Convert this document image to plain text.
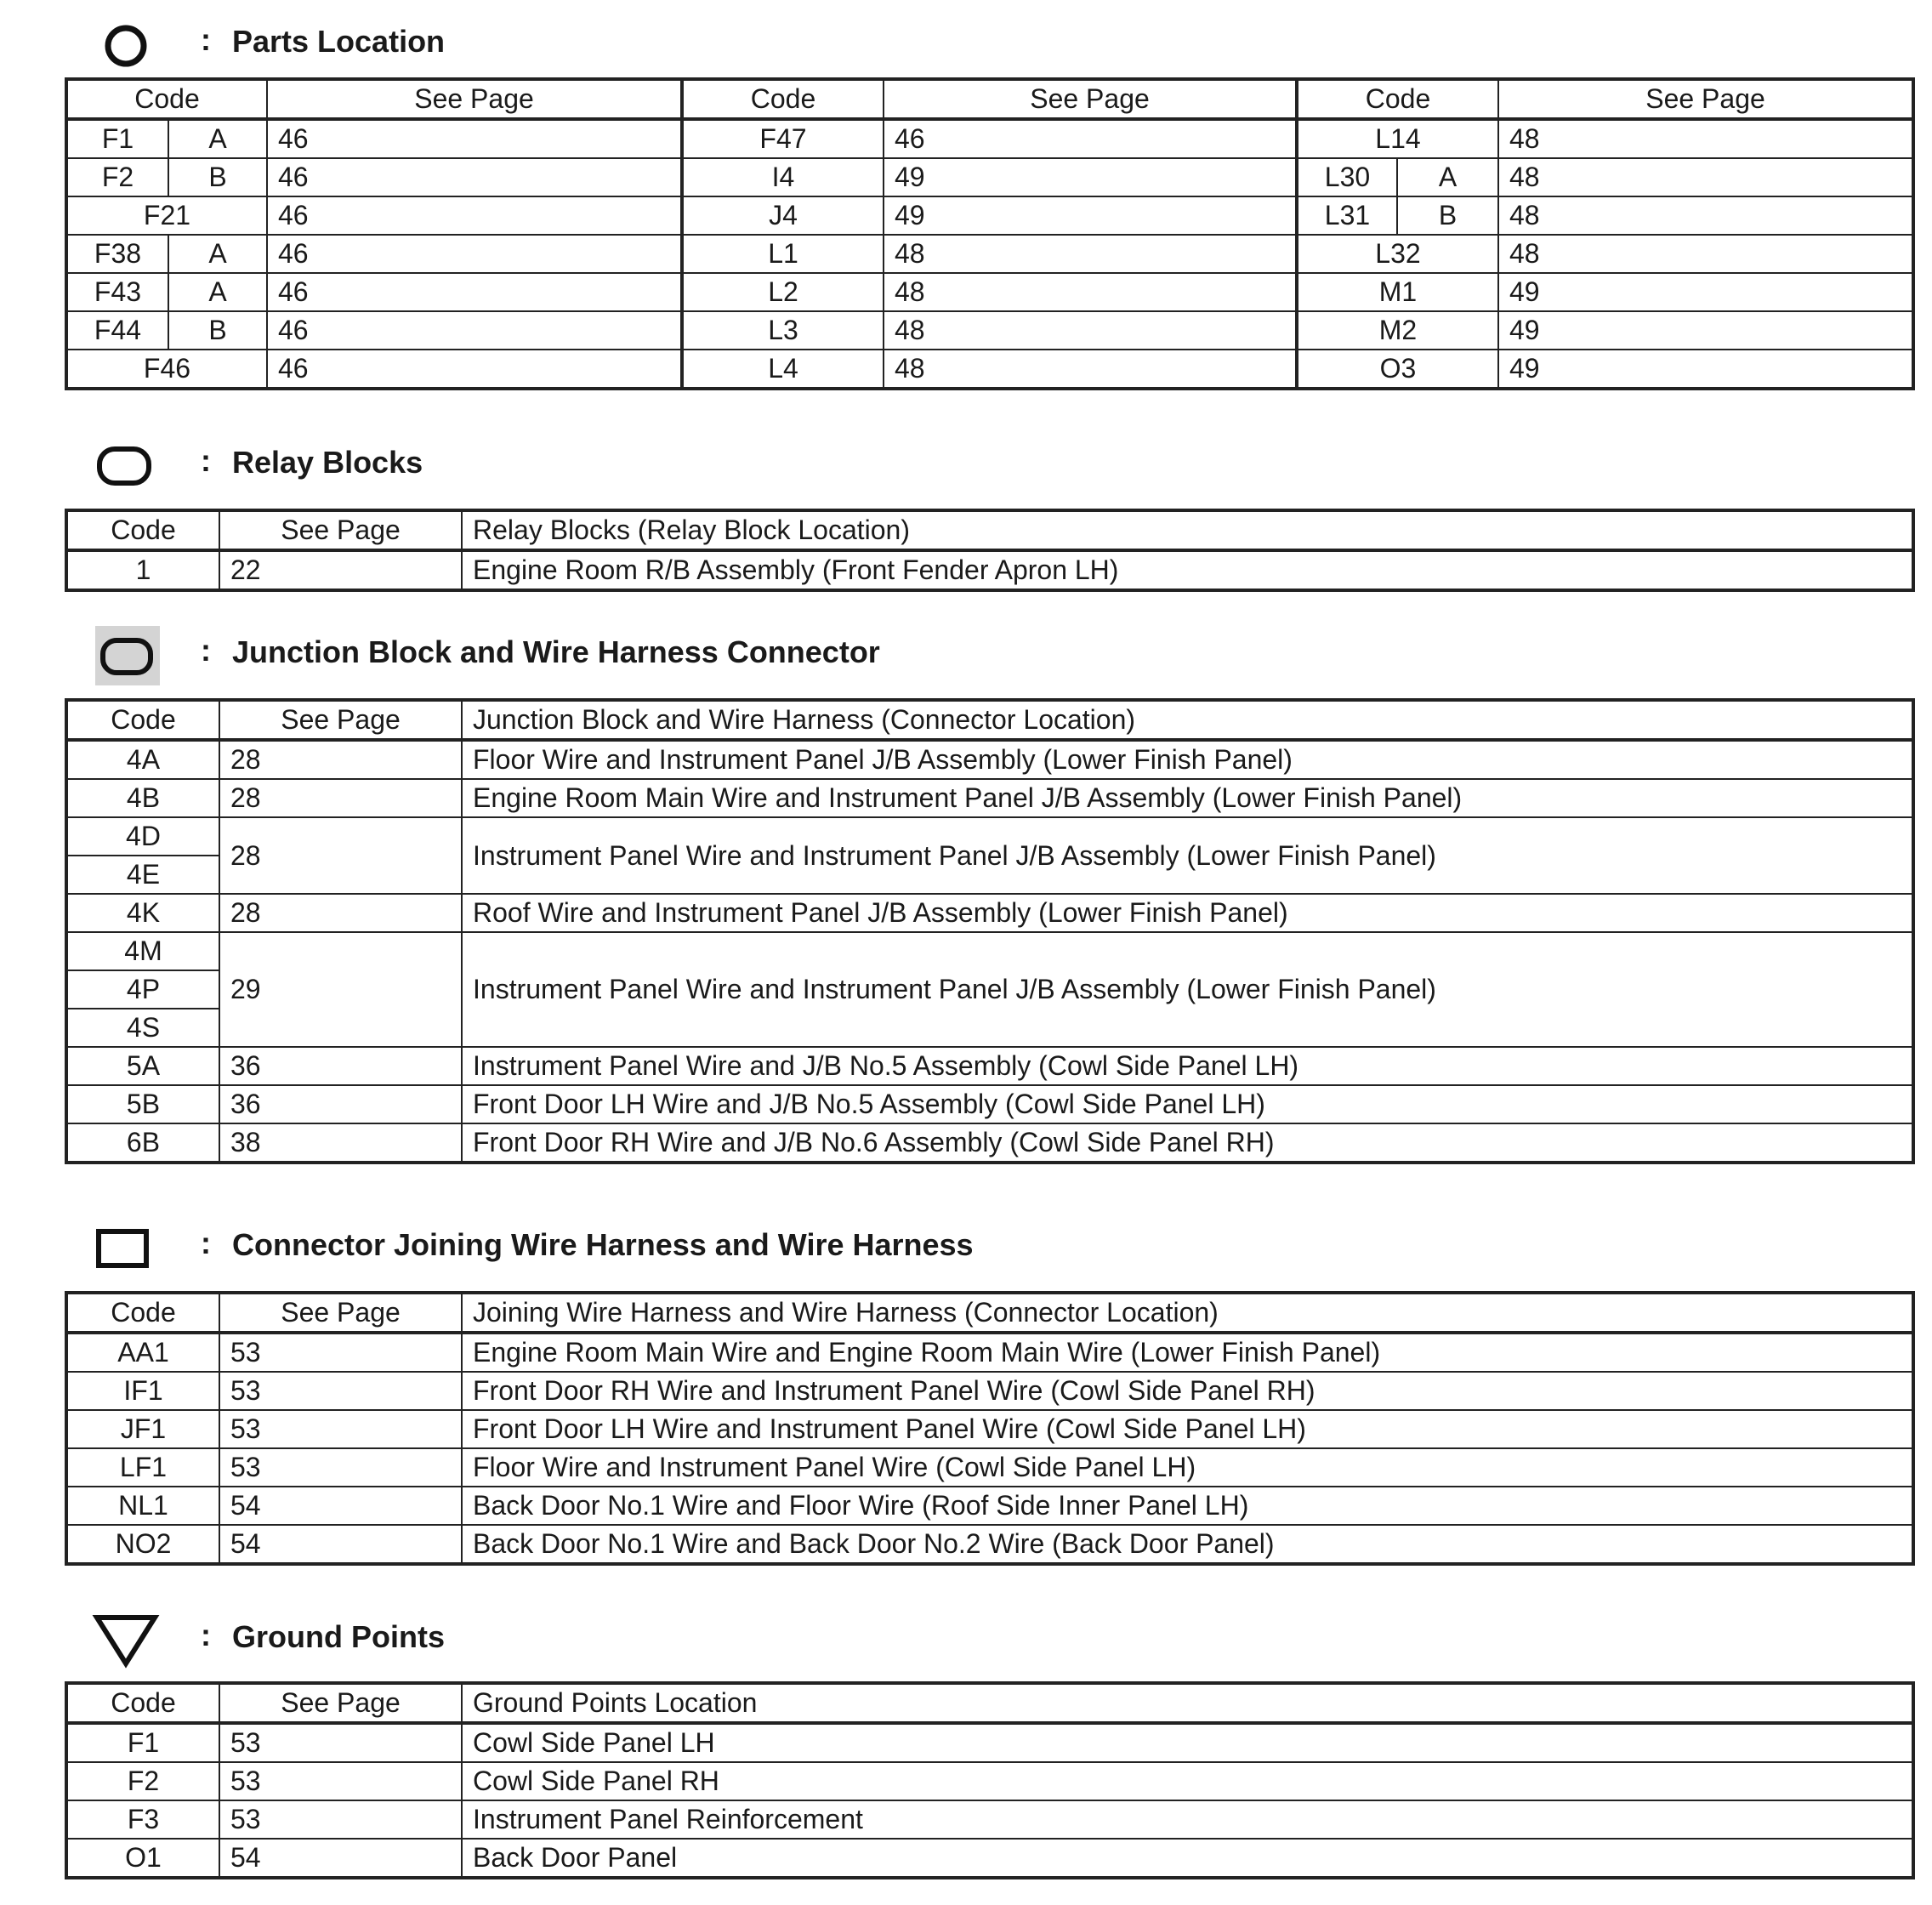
: Parts Location
Code		See Page	Code	See Page	Code		See Page
F1	A	46	F47	46	L14		48
F2	B	46	I4	49	L30	A	48
F21		46	J4	49	L31	B	48
F38	A	46	L1	48	L32		48
F43	A	46	L2	48	M1		49
F44	B	46	L3	48	M2		49
F46		46	L4	48	O3		49
: Relay Blocks
Code	See Page	Relay Blocks (Relay Block Location)
1	22	Engine Room R/B Assembly (Front Fender Apron LH)
: Junction Block and Wire Harness Connector
Code	See Page	Junction Block and Wire Harness (Connector Location)
4A	28	Floor Wire and Instrument Panel J/B Assembly (Lower Finish Panel)
4B	28	Engine Room Main Wire and Instrument Panel J/B Assembly (Lower Finish Panel)
4D	28	Instrument Panel Wire and Instrument Panel J/B Assembly (Lower Finish Panel)
4E		
4K	28	Roof Wire and Instrument Panel J/B Assembly (Lower Finish Panel)
4M	29	Instrument Panel Wire and Instrument Panel J/B Assembly (Lower Finish Panel)
4P		
4S		
5A	36	Instrument Panel Wire and J/B No.5 Assembly (Cowl Side Panel LH)
5B	36	Front Door LH Wire and J/B No.5 Assembly (Cowl Side Panel LH)
6B	38	Front Door RH Wire and J/B No.6 Assembly (Cowl Side Panel RH)
: Connector Joining Wire Harness and Wire Harness
Code	See Page	Joining Wire Harness and Wire Harness (Connector Location)
AA1	53	Engine Room Main Wire and Engine Room Main Wire (Lower Finish Panel)
IF1	53	Front Door RH Wire and Instrument Panel Wire (Cowl Side Panel RH)
JF1	53	Front Door LH Wire and Instrument Panel Wire (Cowl Side Panel LH)
LF1	53	Floor Wire and Instrument Panel Wire (Cowl Side Panel LH)
NL1	54	Back Door No.1 Wire and Floor Wire (Roof Side Inner Panel LH)
NO2	54	Back Door No.1 Wire and Back Door No.2 Wire (Back Door Panel)
: Ground Points
Code	See Page	Ground Points Location
F1	53	Cowl Side Panel LH
F2	53	Cowl Side Panel RH
F3	53	Instrument Panel Reinforcement
O1	54	Back Door Panel
